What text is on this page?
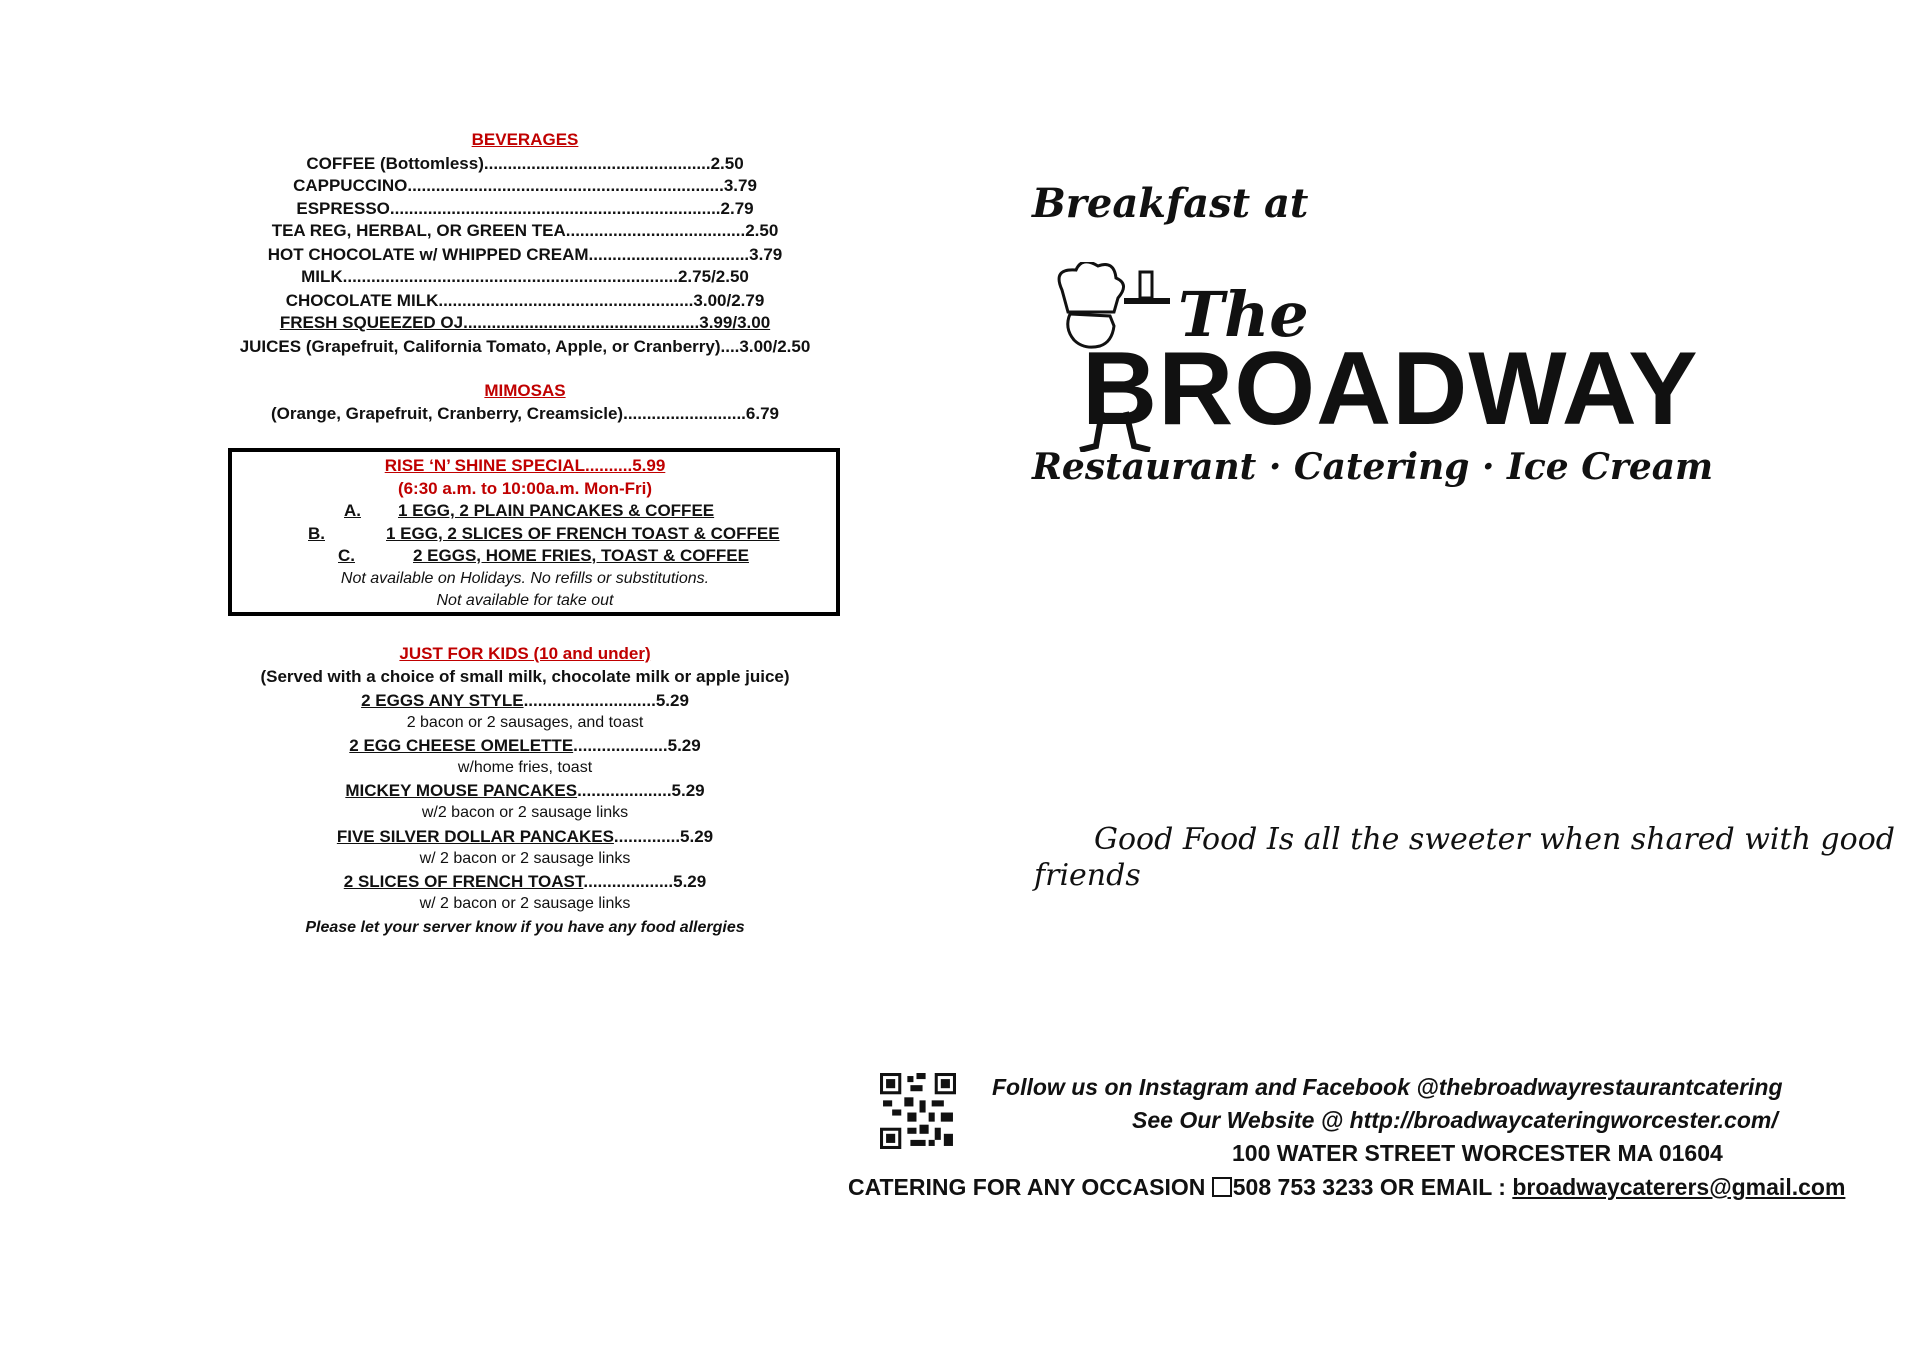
BEVERAGES
COFFEE (Bottomless)................................................2.50
CAPPUCCINO...................................................................3.79
ESPRESSO......................................................................2.79
TEA REG, HERBAL, OR GREEN TEA......................................2.50
HOT CHOCOLATE w/ WHIPPED CREAM..................................3.79
MILK.......................................................................2.75/2.50
CHOCOLATE MILK......................................................3.00/2.79
FRESH SQUEEZED OJ..................................................3.99/3.00
JUICES (Grapefruit, California Tomato, Apple, or Cranberry)....3.00/2.50
MIMOSAS
(Orange, Grapefruit, Cranberry, Creamsicle)..........................6.79
RISE ‘N’ SHINE SPECIAL..........5.99
(6:30 a.m. to 10:00a.m. Mon-Fri)
A. 1 EGG, 2 PLAIN PANCAKES & COFFEE
B.	1 EGG, 2 SLICES OF FRENCH TOAST & COFFEE
C.	2 EGGS, HOME FRIES, TOAST & COFFEE
Not available on Holidays. No refills or substitutions.
Not available for take out
JUST FOR KIDS (10 and under)
(Served with a choice of small milk, chocolate milk or apple juice)
2 EGGS ANY STYLE............................5.29
2 bacon or 2 sausages, and toast
2 EGG CHEESE OMELETTE....................5.29
w/home fries, toast
MICKEY MOUSE PANCAKES....................5.29
w/2 bacon or 2 sausage links
FIVE SILVER DOLLAR PANCAKES..............5.29
w/ 2 bacon or 2 sausage links
2 SLICES OF FRENCH TOAST...................5.29
w/ 2 bacon or 2 sausage links
Please let your server know if you have any food allergies
Breakfast at
The
BROADWAY
Restaurant · Catering · Ice Cream
Good Food Is all the sweeter when shared with good
friends
Follow us on Instagram and Facebook @thebroadwayrestaurantcatering
See Our Website @ http://broadwaycateringworcester.com/
100 WATER STREET WORCESTER MA 01604
CATERING FOR ANY OCCASION 508 753 3233 OR EMAIL : broadwaycaterers@gmail.com
